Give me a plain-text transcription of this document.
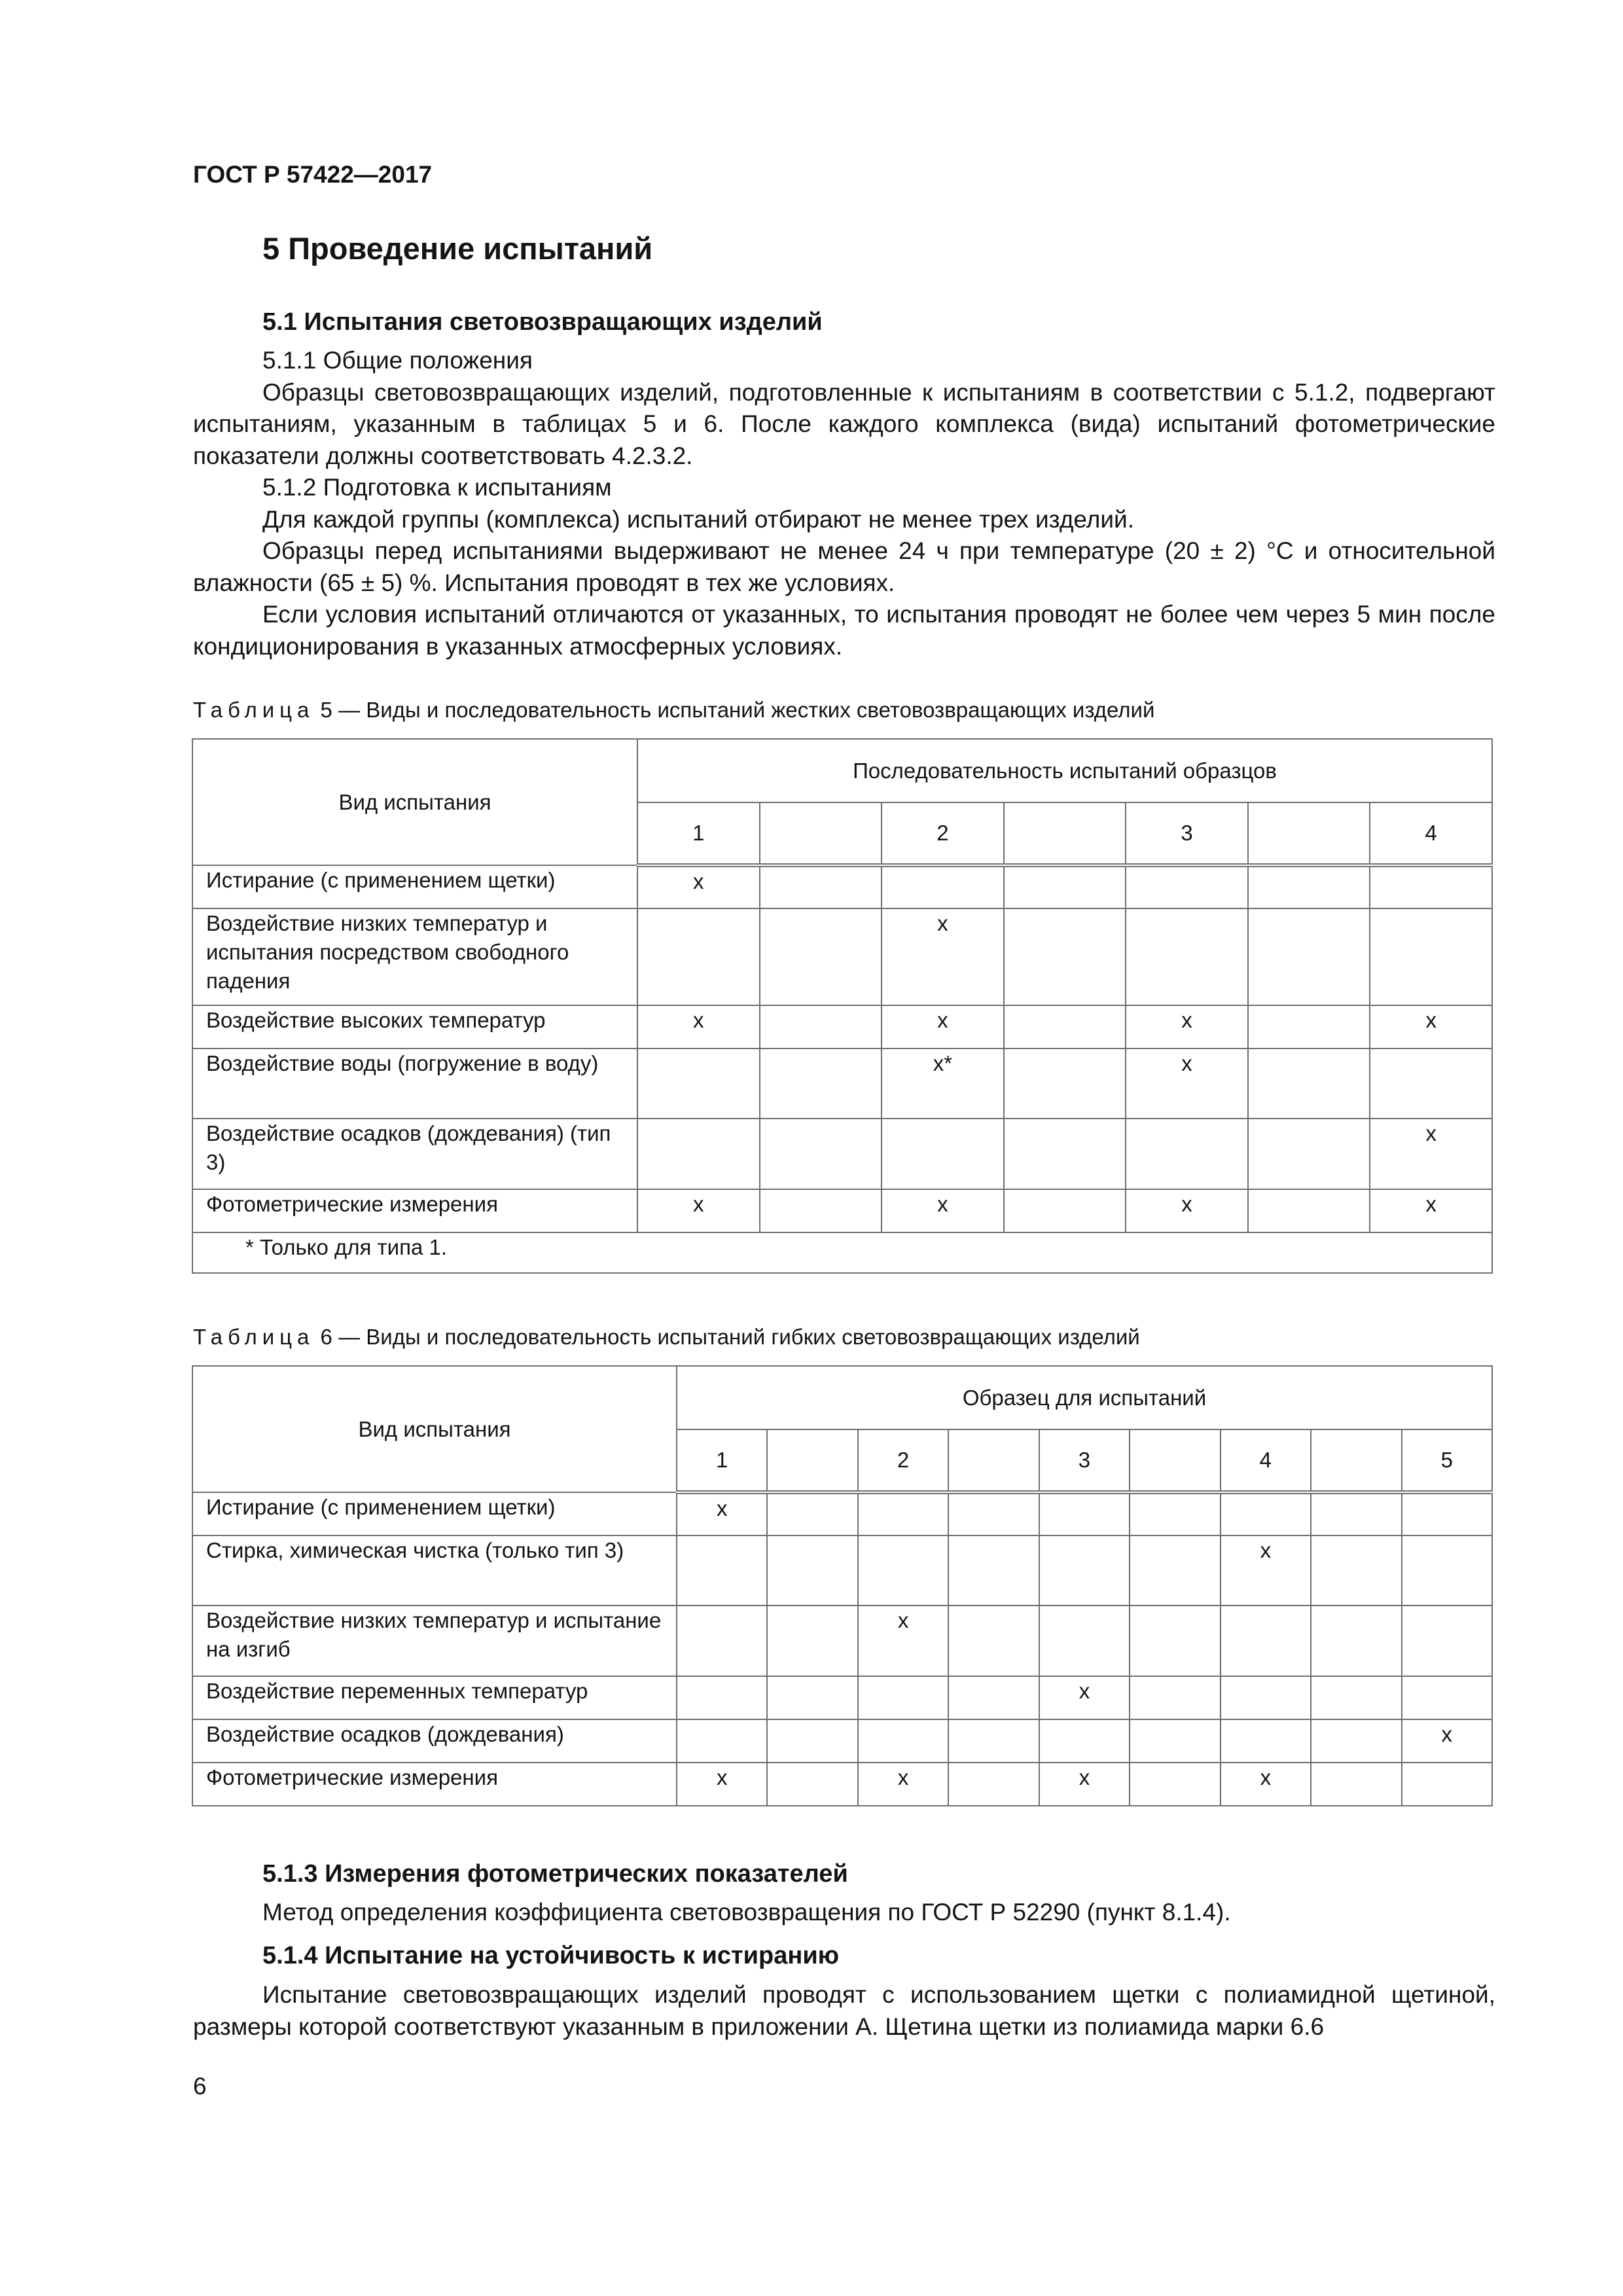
ГОСТ Р 57422—2017
5 Проведение испытаний
5.1 Испытания световозвращающих изделий

5.1.1 Общие положения

Образцы световозвращающих изделий, подготовленные к испытаниям в соответствии с 5.1.2, подвергают испытаниям, указанным в таблицах 5 и 6. После каждого комплекса (вида) испытаний фотометрические показатели должны соответствовать 4.2.3.2.

5.1.2 Подготовка к испытаниям

Для каждой группы (комплекса) испытаний отбирают не менее трех изделий.

Образцы перед испытаниями выдерживают не менее 24 ч при температуре (20 ± 2) °С и относительной влажности (65 ± 5) %. Испытания проводят в тех же условиях.

Если условия испытаний отличаются от указанных, то испытания проводят не более чем через 5 мин после кондиционирования в указанных атмосферных условиях.

Таблица 5 — Виды и последовательность испытаний жестких световозвращающих изделий
Вид испытания	Последовательность испытаний образцов						
	1		2		3		4
Истирание (с применением щетки)	х						
Воздействие низких температур и испытания посредством свободного падения			х				
Воздействие высоких температур	х		х		х		х
Воздействие воды (погружение в воду)			х*		х		
Воздействие осадков (дождевания) (тип 3)							х
Фотометрические измерения	х		х		х		х
* Только для типа 1.							
Таблица 6 — Виды и последовательность испытаний гибких световозвращающих изделий
Вид испытания	Образец для испытаний								
	1		2		3		4		5
Истирание (с применением щетки)	х								
Стирка, химическая чистка (только тип 3)							х		
Воздействие низких температур и испытание на изгиб			х						
Воздействие переменных температур					х				
Воздействие осадков (дождевания)									х
Фотометрические измерения	х		х		х		х		
5.1.3 Измерения фотометрических показателей

Метод определения коэффициента световозвращения по ГОСТ Р 52290 (пункт 8.1.4).

5.1.4 Испытание на устойчивость к истиранию

Испытание световозвращающих изделий проводят с использованием щетки с полиамидной щетиной, размеры которой соответствуют указанным в приложении А. Щетина щетки из полиамида марки 6.6

6
